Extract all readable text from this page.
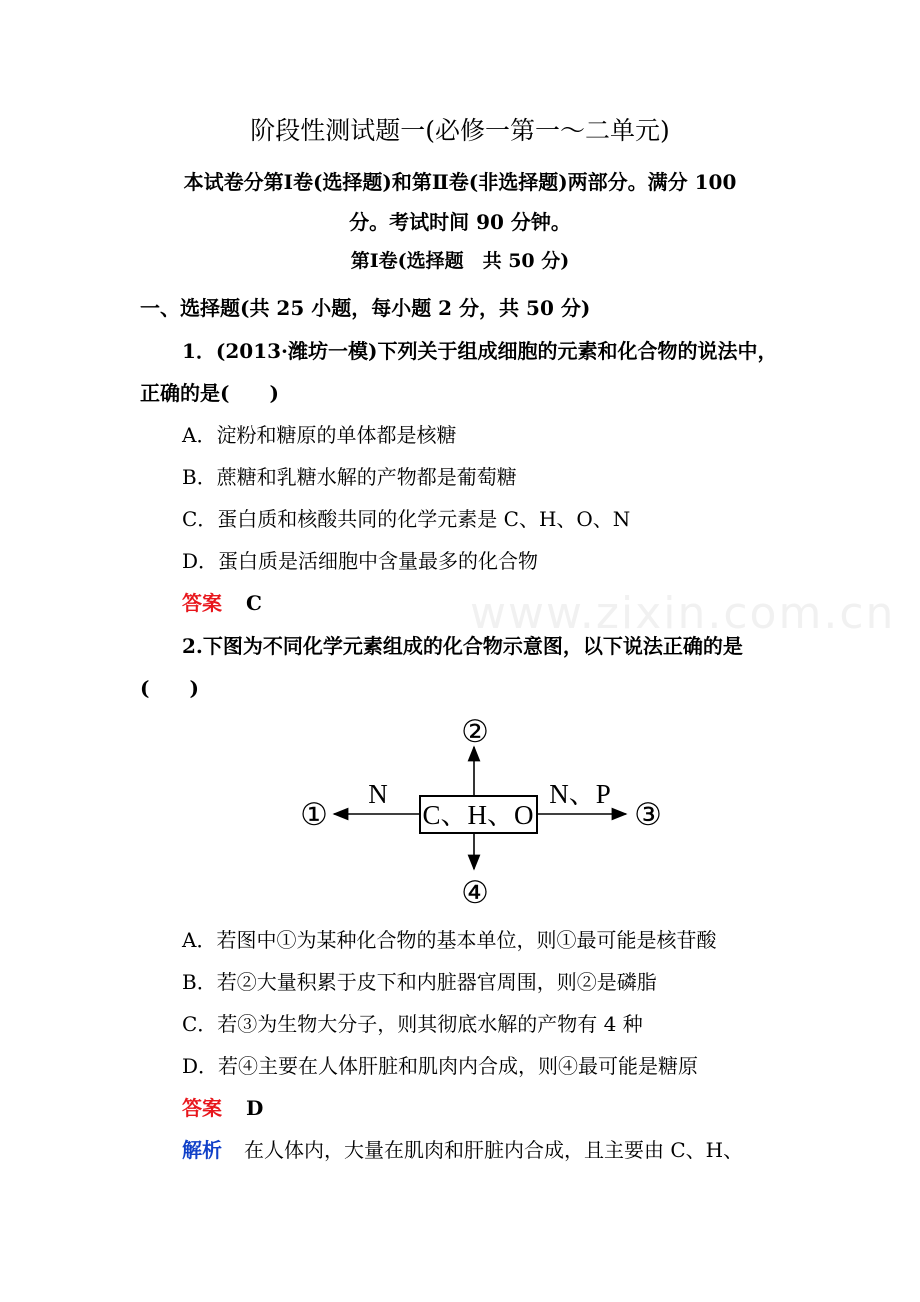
www.zixin.com.cn
阶段性测试题一(必修一第一～二单元)
本试卷分第Ⅰ卷(选择题)和第Ⅱ卷(非选择题)两部分。满分 100
分。考试时间 90 分钟。
第Ⅰ卷(选择题　共 50 分)
一、选择题(共 25 小题，每小题 2 分，共 50 分)
1．(2013·潍坊一模)下列关于组成细胞的元素和化合物的说法中，
正确的是(　　)
A．淀粉和糖原的单体都是核糖
B．蔗糖和乳糖水解的产物都是葡萄糖
C．蛋白质和核酸共同的化学元素是 C、H、O、N
D．蛋白质是活细胞中含量最多的化合物
答案 C
2.下图为不同化学元素组成的化合物示意图，以下说法正确的是
(　　)
C、H、O
N	N、P
①
②
③
④
A．若图中①为某种化合物的基本单位，则①最可能是核苷酸
B．若②大量积累于皮下和内脏器官周围，则②是磷脂
C．若③为生物大分子，则其彻底水解的产物有 4 种
D．若④主要在人体肝脏和肌肉内合成，则④最可能是糖原
答案 D
解析 在人体内，大量在肌肉和肝脏内合成，且主要由 C、H、
